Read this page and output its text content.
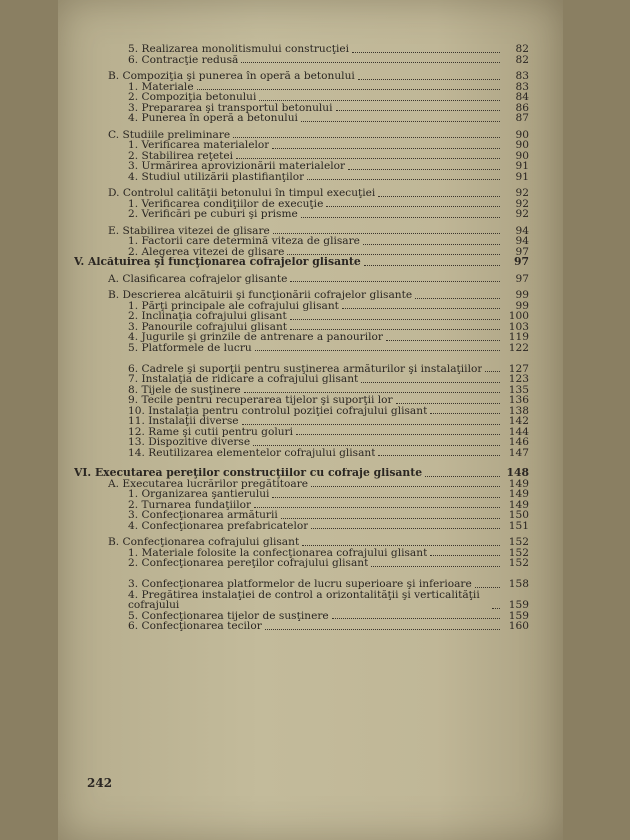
5. Realizarea monolitismului construcţiei	82
6. Contracţie redusă	82
B. Compoziţia şi punerea în operă a betonului	83
1. Materiale	83
2. Compoziţia betonului	84
3. Prepararea şi transportul betonului	86
4. Punerea în operă a betonului	87
C. Studiile preliminare	90
1. Verificarea materialelor	90
2. Stabilirea reţetei	90
3. Urmărirea aprovizionării materialelor	91
4. Studiul utilizării plastifianţilor	91
D. Controlul calităţii betonului în timpul execuţiei	92
1. Verificarea condiţiilor de execuţie	92
2. Verificări pe cuburi şi prisme	92
E. Stabilirea vitezei de glisare	94
1. Factorii care determină viteza de glisare	94
2. Alegerea vitezei de glisare	97
V. Alcătuirea şi funcţionarea cofrajelor glisante	97
A. Clasificarea cofrajelor glisante	97
B. Descrierea alcătuirii şi funcţionării cofrajelor glisante	99
1. Părţi principale ale cofrajului glisant	99
2. Înclinaţia cofrajului glisant	100
3. Panourile cofrajului glisant	103
4. Jugurile şi grinzile de antrenare a panourilor	119
5. Platformele de lucru	122
6. Cadrele şi suporţii pentru susţinerea armăturilor şi instalaţiilor	127
7. Instalaţia de ridicare a cofrajului glisant	123
8. Tijele de susţinere	135
9. Tecile pentru recuperarea tijelor şi suporţii lor	136
10. Instalaţia pentru controlul poziţiei cofrajului glisant	138
11. Instalaţii diverse	142
12. Rame şi cutii pentru goluri	144
13. Dispozitive diverse	146
14. Reutilizarea elementelor cofrajului glisant	147
VI. Executarea pereţilor construcţiilor cu cofraje glisante	148
A. Executarea lucrărilor pregătitoare	149
1. Organizarea şantierului	149
2. Turnarea fundaţiilor	149
3. Confecţionarea armăturii	150
4. Confecţionarea prefabricatelor	151
B. Confecţionarea cofrajului glisant	152
1. Materiale folosite la confecţionarea cofrajului glisant	152
2. Confecţionarea pereţilor cofrajului glisant	152
3. Confecţionarea platformelor de lucru superioare şi inferioare	158
4. Pregătirea instalaţiei de control a orizontalităţii şi verticalităţii cofrajului	159
5. Confecţionarea tijelor de susţinere	159
6. Confecţionarea tecilor	160
242
